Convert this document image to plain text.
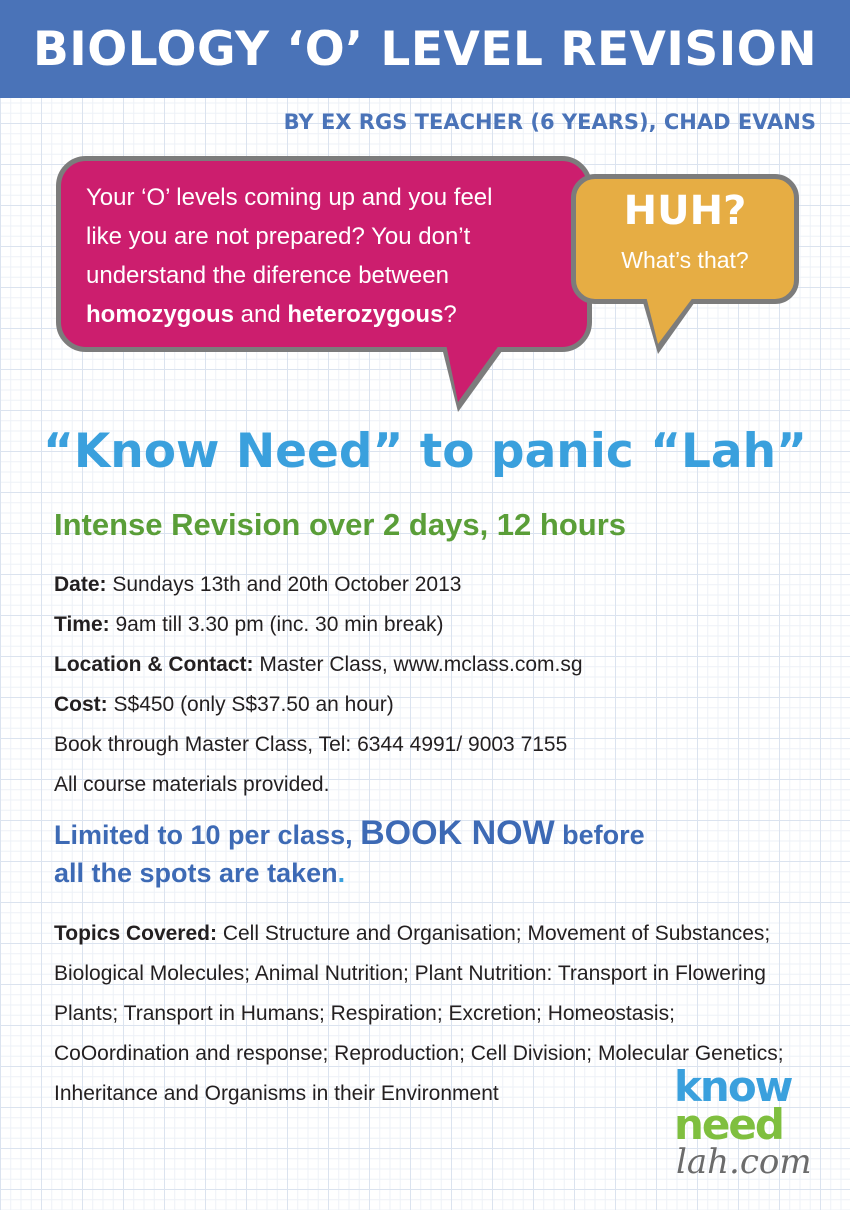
BIOLOGY ‘O’ LEVEL REVISION
BY EX RGS TEACHER (6 YEARS), CHAD EVANS
Your ‘O’ levels coming up and you feel
like you are not prepared? You don’t
understand the diference between
homozygous and heterozygous?
HUH?
What’s that?
“Know Need” to panic “Lah”
Intense Revision over 2 days, 12 hours
Date: Sundays 13th and 20th October 2013
Time: 9am till 3.30 pm (inc. 30 min break)
Location & Contact: Master Class, www.mclass.com.sg
Cost: S$450 (only S$37.50 an hour)
Book through Master Class, Tel: 6344 4991/ 9003 7155
All course materials provided.
Limited to 10 per class, BOOK NOW before
all the spots are taken.
Topics Covered: Cell Structure and Organisation; Movement of Substances; Biological Molecules; Animal Nutrition; Plant Nutrition: Transport in Flowering Plants; Transport in Humans; Respiration; Excretion; Homeostasis; CoOordination and response; Reproduction; Cell Division; Molecular Genetics; Inheritance and Organisms in their Environment	know
need
lah.com
